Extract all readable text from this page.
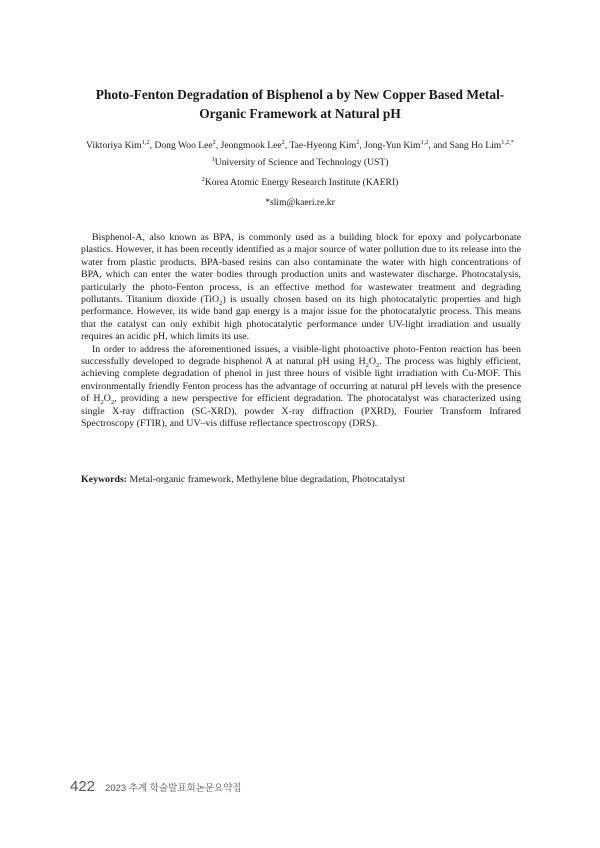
Photo-Fenton Degradation of Bisphenol a by New Copper Based Metal-
Organic Framework at Natural pH
Viktoriya Kim$^{1,2}$, Dong Woo Lee$^2$, Jeongmook Lee$^2$, Tae-Hyeong Kim$^2$, Jong-Yun Kim$^{1,2}$, and Sang Ho Lim$^{1,2,*}$
$^1$University of Science and Technology (UST)
$^2$Korea Atomic Energy Research Institute (KAERI)
*slim@kaeri.re.kr

Bisphenol-A, also known as BPA, is commonly used as a building block for epoxy and polycarbonate plastics. However, it has been recently identified as a major source of water pollution due to its release into the water from plastic products. BPA-based resins can also contaminate the water with high concentrations of BPA, which can enter the water bodies through production units and wastewater discharge. Photocatalysis, particularly the photo-Fenton process, is an effective method for wastewater treatment and degrading pollutants. Titanium dioxide (TiO$_2$) is usually chosen based on its high photocatalytic properties and high performance. However, its wide band gap energy is a major issue for the photocatalytic process. This means that the catalyst can only exhibit high photocatalytic performance under UV-light irradiation and usually requires an acidic pH, which limits its use.

In order to address the aforementioned issues, a visible-light photoactive photo-Fenton reaction has been successfully developed to degrade bisphenol A at natural pH using $H_2O_2$. The process was highly efficient, achieving complete degradation of phenol in just three hours of visible light irradiation with Cu-MOF. This environmentally friendly Fenton process has the advantage of occurring at natural pH levels with the presence of $H_2O_2$, providing a new perspective for efficient degradation. The photocatalyst was characterized using single X-ray diffraction (SC-XRD), powder X-ray diffraction (PXRD), Fourier Transform Infrared Spectroscopy (FTIR), and UV–vis diffuse reflectance spectroscopy (DRS).

Keywords: Metal-organic framework, Methylene blue degradation, Photocatalyst
422 2023 추계 학술발표회논문요약집
